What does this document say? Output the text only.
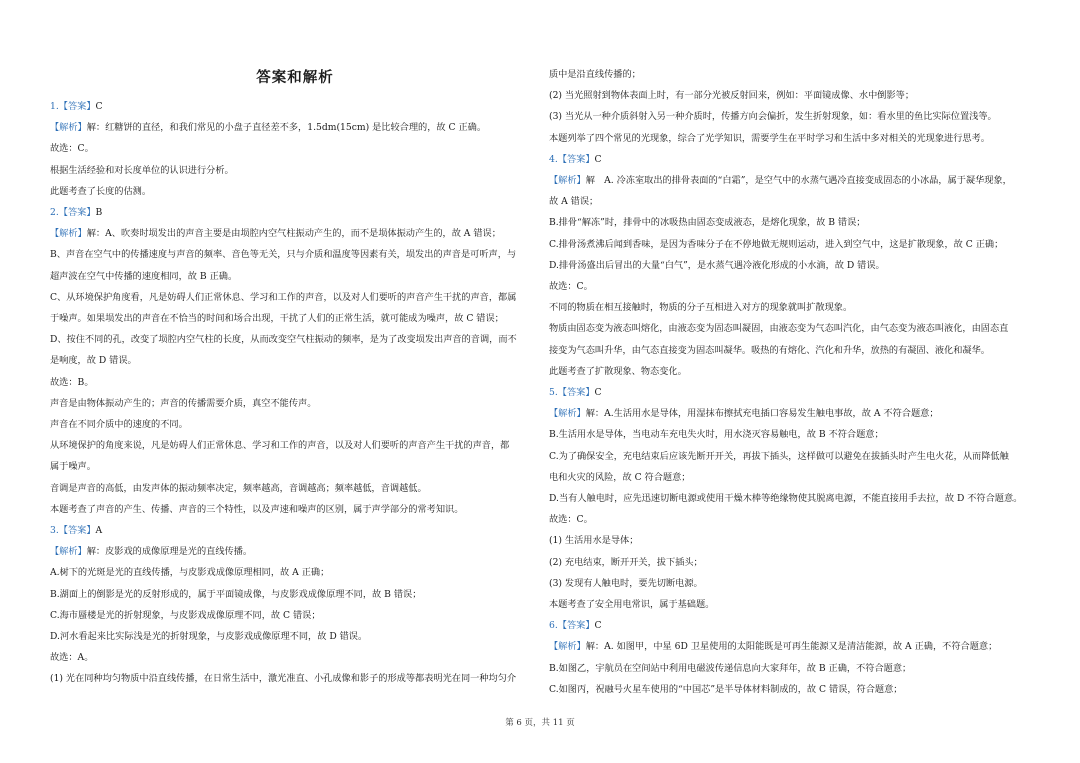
答案和解析
1.【答案】C
【解析】解：红糖饼的直径，和我们常见的小盘子直径差不多，1.5dm(15cm) 是比较合理的，故 C 正确。
故选：C。
根据生活经验和对长度单位的认识进行分析。
此题考查了长度的估测。
2.【答案】B
【解析】解：A、吹奏时埙发出的声音主要是由埙腔内空气柱振动产生的，而不是埙体振动产生的，故 A 错误；
B、声音在空气中的传播速度与声音的频率、音色等无关，只与介质和温度等因素有关，埙发出的声音是可听声，与
超声波在空气中传播的速度相同，故 B 正确。
C、从环境保护角度看，凡是妨碍人们正常休息、学习和工作的声音，以及对人们要听的声音产生干扰的声音，都属
于噪声。如果埙发出的声音在不恰当的时间和场合出现，干扰了人们的正常生活，就可能成为噪声，故 C 错误；
D、按住不同的孔，改变了埙腔内空气柱的长度，从而改变空气柱振动的频率，是为了改变埙发出声音的音调，而不
是响度，故 D 错误。
故选：B。
声音是由物体振动产生的；声音的传播需要介质，真空不能传声。
声音在不同介质中的速度的不同。
从环境保护的角度来说，凡是妨碍人们正常休息、学习和工作的声音，以及对人们要听的声音产生干扰的声音，都
属于噪声。
音调是声音的高低，由发声体的振动频率决定，频率越高，音调越高；频率越低，音调越低。
本题考查了声音的产生、传播、声音的三个特性，以及声速和噪声的区别，属于声学部分的常考知识。
3.【答案】A
【解析】解：皮影戏的成像原理是光的直线传播。
A.树下的光斑是光的直线传播，与皮影戏成像原理相同，故 A 正确；
B.湖面上的倒影是光的反射形成的，属于平面镜成像，与皮影戏成像原理不同，故 B 错误；
C.海市蜃楼是光的折射现象，与皮影戏成像原理不同，故 C 错误；
D.河水看起来比实际浅是光的折射现象，与皮影戏成像原理不同，故 D 错误。
故选：A。
(1) 光在同种均匀物质中沿直线传播，在日常生活中，激光准直、小孔成像和影子的形成等都表明光在同一种均匀介
质中是沿直线传播的；
(2) 当光照射到物体表面上时，有一部分光被反射回来，例如：平面镜成像、水中倒影等；
(3) 当光从一种介质斜射入另一种介质时，传播方向会偏折，发生折射现象，如：看水里的鱼比实际位置浅等。
本题列举了四个常见的光现象，综合了光学知识，需要学生在平时学习和生活中多对相关的光现象进行思考。
4.【答案】C
【解析】解　A. 冷冻室取出的排骨表面的“白霜”，是空气中的水蒸气遇冷直接变成固态的小冰晶，属于凝华现象，
故 A 错误；
B.排骨“解冻”时，排骨中的冰吸热由固态变成液态，是熔化现象，故 B 错误；
C.排骨汤煮沸后闻到香味，是因为香味分子在不停地做无规则运动，进入到空气中，这是扩散现象，故 C 正确；
D.排骨汤盛出后冒出的大量“白气”，是水蒸气遇冷液化形成的小水滴，故 D 错误。
故选：C。
不同的物质在相互接触时，物质的分子互相进入对方的现象就叫扩散现象。
物质由固态变为液态叫熔化，由液态变为固态叫凝固，由液态变为气态叫汽化，由气态变为液态叫液化，由固态直
接变为气态叫升华，由气态直接变为固态叫凝华。吸热的有熔化、汽化和升华，放热的有凝固、液化和凝华。
此题考查了扩散现象、物态变化。
5.【答案】C
【解析】解：A.生活用水是导体，用湿抹布擦拭充电插口容易发生触电事故，故 A 不符合题意；
B.生活用水是导体，当电动车充电失火时，用水浇灭容易触电，故 B 不符合题意；
C.为了确保安全，充电结束后应该先断开开关，再拔下插头，这样做可以避免在拔插头时产生电火花，从而降低触
电和火灾的风险，故 C 符合题意；
D.当有人触电时，应先迅速切断电源或使用干燥木棒等绝缘物使其脱离电源，不能直接用手去拉，故 D 不符合题意。
故选：C。
(1) 生活用水是导体；
(2) 充电结束，断开开关，拔下插头；
(3) 发现有人触电时，要先切断电源。
本题考查了安全用电常识，属于基础题。
6.【答案】C
【解析】解：A. 如图甲，中星 6D 卫星使用的太阳能既是可再生能源又是清洁能源，故 A 正确，不符合题意；
B.如图乙，宇航员在空间站中利用电磁波传递信息向大家拜年，故 B 正确，不符合题意；
C.如图丙，祝融号火星车使用的“中国芯”是半导体材料制成的，故 C 错误，符合题意；
第 6 页，共 11 页
